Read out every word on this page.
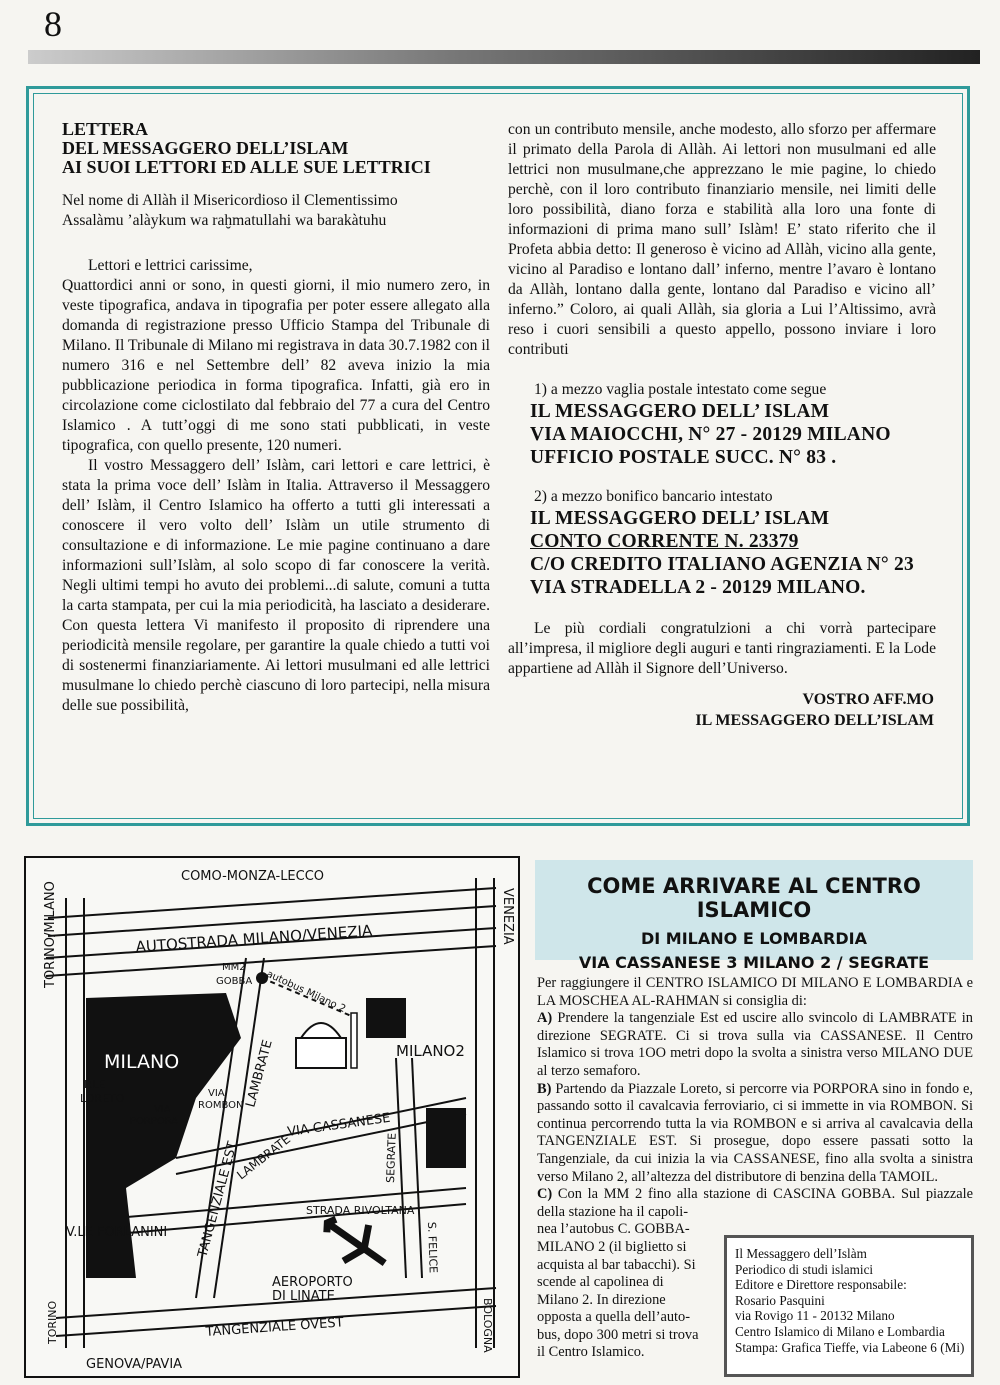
8

LETTERA

DEL MESSAGGERO DELL’ISLAM

AI SUOI LETTORI ED ALLE SUE LETTRICI

Nel nome di Allàh il Misericordioso il Clementissimo

Assalàmu ’alàykum wa raḫmatullahi wa barakàtuhu

Lettori e lettrici carissime,

Quattordici anni or sono, in questi giorni, il mio numero zero, in veste tipografica, andava in tipografia per poter essere allegato alla domanda di registrazione presso Ufficio Stampa del Tribunale di Milano. Il Tribunale di Milano mi registrava in data 30.7.1982 con il numero 316 e nel Settembre dell’ 82 aveva inizio la mia pubblicazione periodica in forma tipografica. Infatti, già ero in circolazione come ciclostilato dal febbraio del 77 a cura del Centro Islamico . A tutt’oggi di me sono stati pubblicati, in veste tipografica, con quello presente, 120 numeri.

Il vostro Messaggero dell’ Islàm, cari lettori e care lettrici, è stata la prima voce dell’ Islàm in Italia. Attraverso il Messaggero dell’ Islàm, il Centro Islamico ha offerto a tutti gli interessati a conoscere il vero volto dell’ Islàm un utile strumento di consultazione e di informazione. Le mie pagine continuano a dare informazioni sull’Islàm, al solo scopo di far conoscere la verità. Negli ultimi tempi ho avuto dei problemi...di salute, comuni a tutta la carta stampata, per cui la mia periodicità, ha lasciato a desiderare. Con questa lettera Vi manifesto il proposito di riprendere una periodicità mensile regolare, per garantire la quale chiedo a tutti voi di sostenermi finanziariamente. Ai lettori musulmani ed alle lettrici musulmane lo chiedo perchè ciascuno di loro partecipi, nella misura delle sue possibilità,

con un contributo mensile, anche modesto, allo sforzo per affermare il primato della Parola di Allàh. Ai lettori non musulmani ed alle lettrici non musulmane,che apprezzano le mie pagine, lo chiedo perchè, con il loro contributo finanziario mensile, nei limiti delle loro possibilità, diano forza e stabilità alla loro una fonte di informazioni di prima mano sull’ Islàm! E’ stato riferito che il Profeta abbia detto: Il generoso è vicino ad Allàh, vicino alla gente, vicino al Paradiso e lontano dall’ inferno, mentre l’avaro è lontano da Allàh, lontano dalla gente, lontano dal Paradiso e vicino all’ inferno.” Coloro, ai quali Allàh, sia gloria a Lui l’Altissimo, avrà reso i cuori sensibili a questo appello, possono inviare i loro contributi

1) a mezzo vaglia postale intestato come segue

IL MESSAGGERO DELL’ ISLAM

VIA MAIOCCHI, N° 27 - 20129 MILANO

UFFICIO POSTALE SUCC. N° 83 .

2) a mezzo bonifico bancario intestato

IL MESSAGGERO DELL’ ISLAM

CONTO CORRENTE N. 23379

C/O CREDITO ITALIANO AGENZIA N° 23

VIA STRADELLA 2 - 20129 MILANO.

Le più cordiali congratulzioni a chi vorrà partecipare all’impresa, il migliore degli auguri e tanti ringraziamenti. E la Lode appartiene ad Allàh il Signore dell’Universo.

VOSTRO AFF.MO

IL MESSAGGERO DELL’ISLAM

COMO-MONZA-LECCO
AUTOSTRADA MILANO/VENEZIA	VENEZIA
TORINO/MILANO	MM2
GOBBA autobus Milano 2
MILANO	MILANO2
LAMBRATE
P.LE
LORETO
VIA
PORPORA
VIA
ROMBON
TANGENZIALE EST
LAMBRATE
VIA CASSANESE
SEGRATE
V.LE FORLANINI
STRADA RIVOLTANA
S. FELICE
AEROPORTO
DI LINATE
TORINO	TANGENZIALE OVEST	BOLOGNA
GENOVA/PAVIA

COME ARRIVARE AL CENTRO ISLAMICO

DI MILANO E LOMBARDIA

VIA CASSANESE 3 MILANO 2 / SEGRATE

Per raggiungere il CENTRO ISLAMICO DI MILANO E LOMBARDIA e LA MOSCHEA AL-RAHMAN si consiglia di:

A) Prendere la tangenziale Est ed uscire allo svincolo di LAMBRATE in direzione SEGRATE. Ci si trova sulla via CASSANESE. Il Centro Islamico si trova 1OO metri dopo la svolta a sinistra verso MILANO DUE al terzo semaforo.

B) Partendo da Piazzale Loreto, si percorre via PORPORA sino in fondo e, passando sotto il cavalcavia ferroviario, ci si immette in via ROMBON. Si continua percorrendo tutta la via ROMBON e si arriva al cavalcavia della TANGENZIALE EST. Si prosegue, dopo essere passati sotto la Tangenziale, da cui inizia la via CASSANESE, fino alla svolta a sinistra verso Milano 2, all’altezza del distributore di benzina della TAMOIL.

C) Con la MM 2 fino alla stazione di CASCINA GOBBA. Sul piazzale della stazione ha il capoli-

nea l’autobus C. GOBBA-
MILANO 2 (il biglietto si
acquista al bar tabacchi). Si
scende al capolinea di
Milano 2. In direzione
opposta a quella dell’auto-
bus, dopo 300 metri si trova
il Centro Islamico.
Il Messaggero dell’Islàm
Periodico di studi islamici
Editore e Direttore responsabile:
Rosario Pasquini
via Rovigo 11 - 20132 Milano
Centro Islamico di Milano e Lombardia
Stampa: Grafica Tieffe, via Labeone 6 (Mi)
